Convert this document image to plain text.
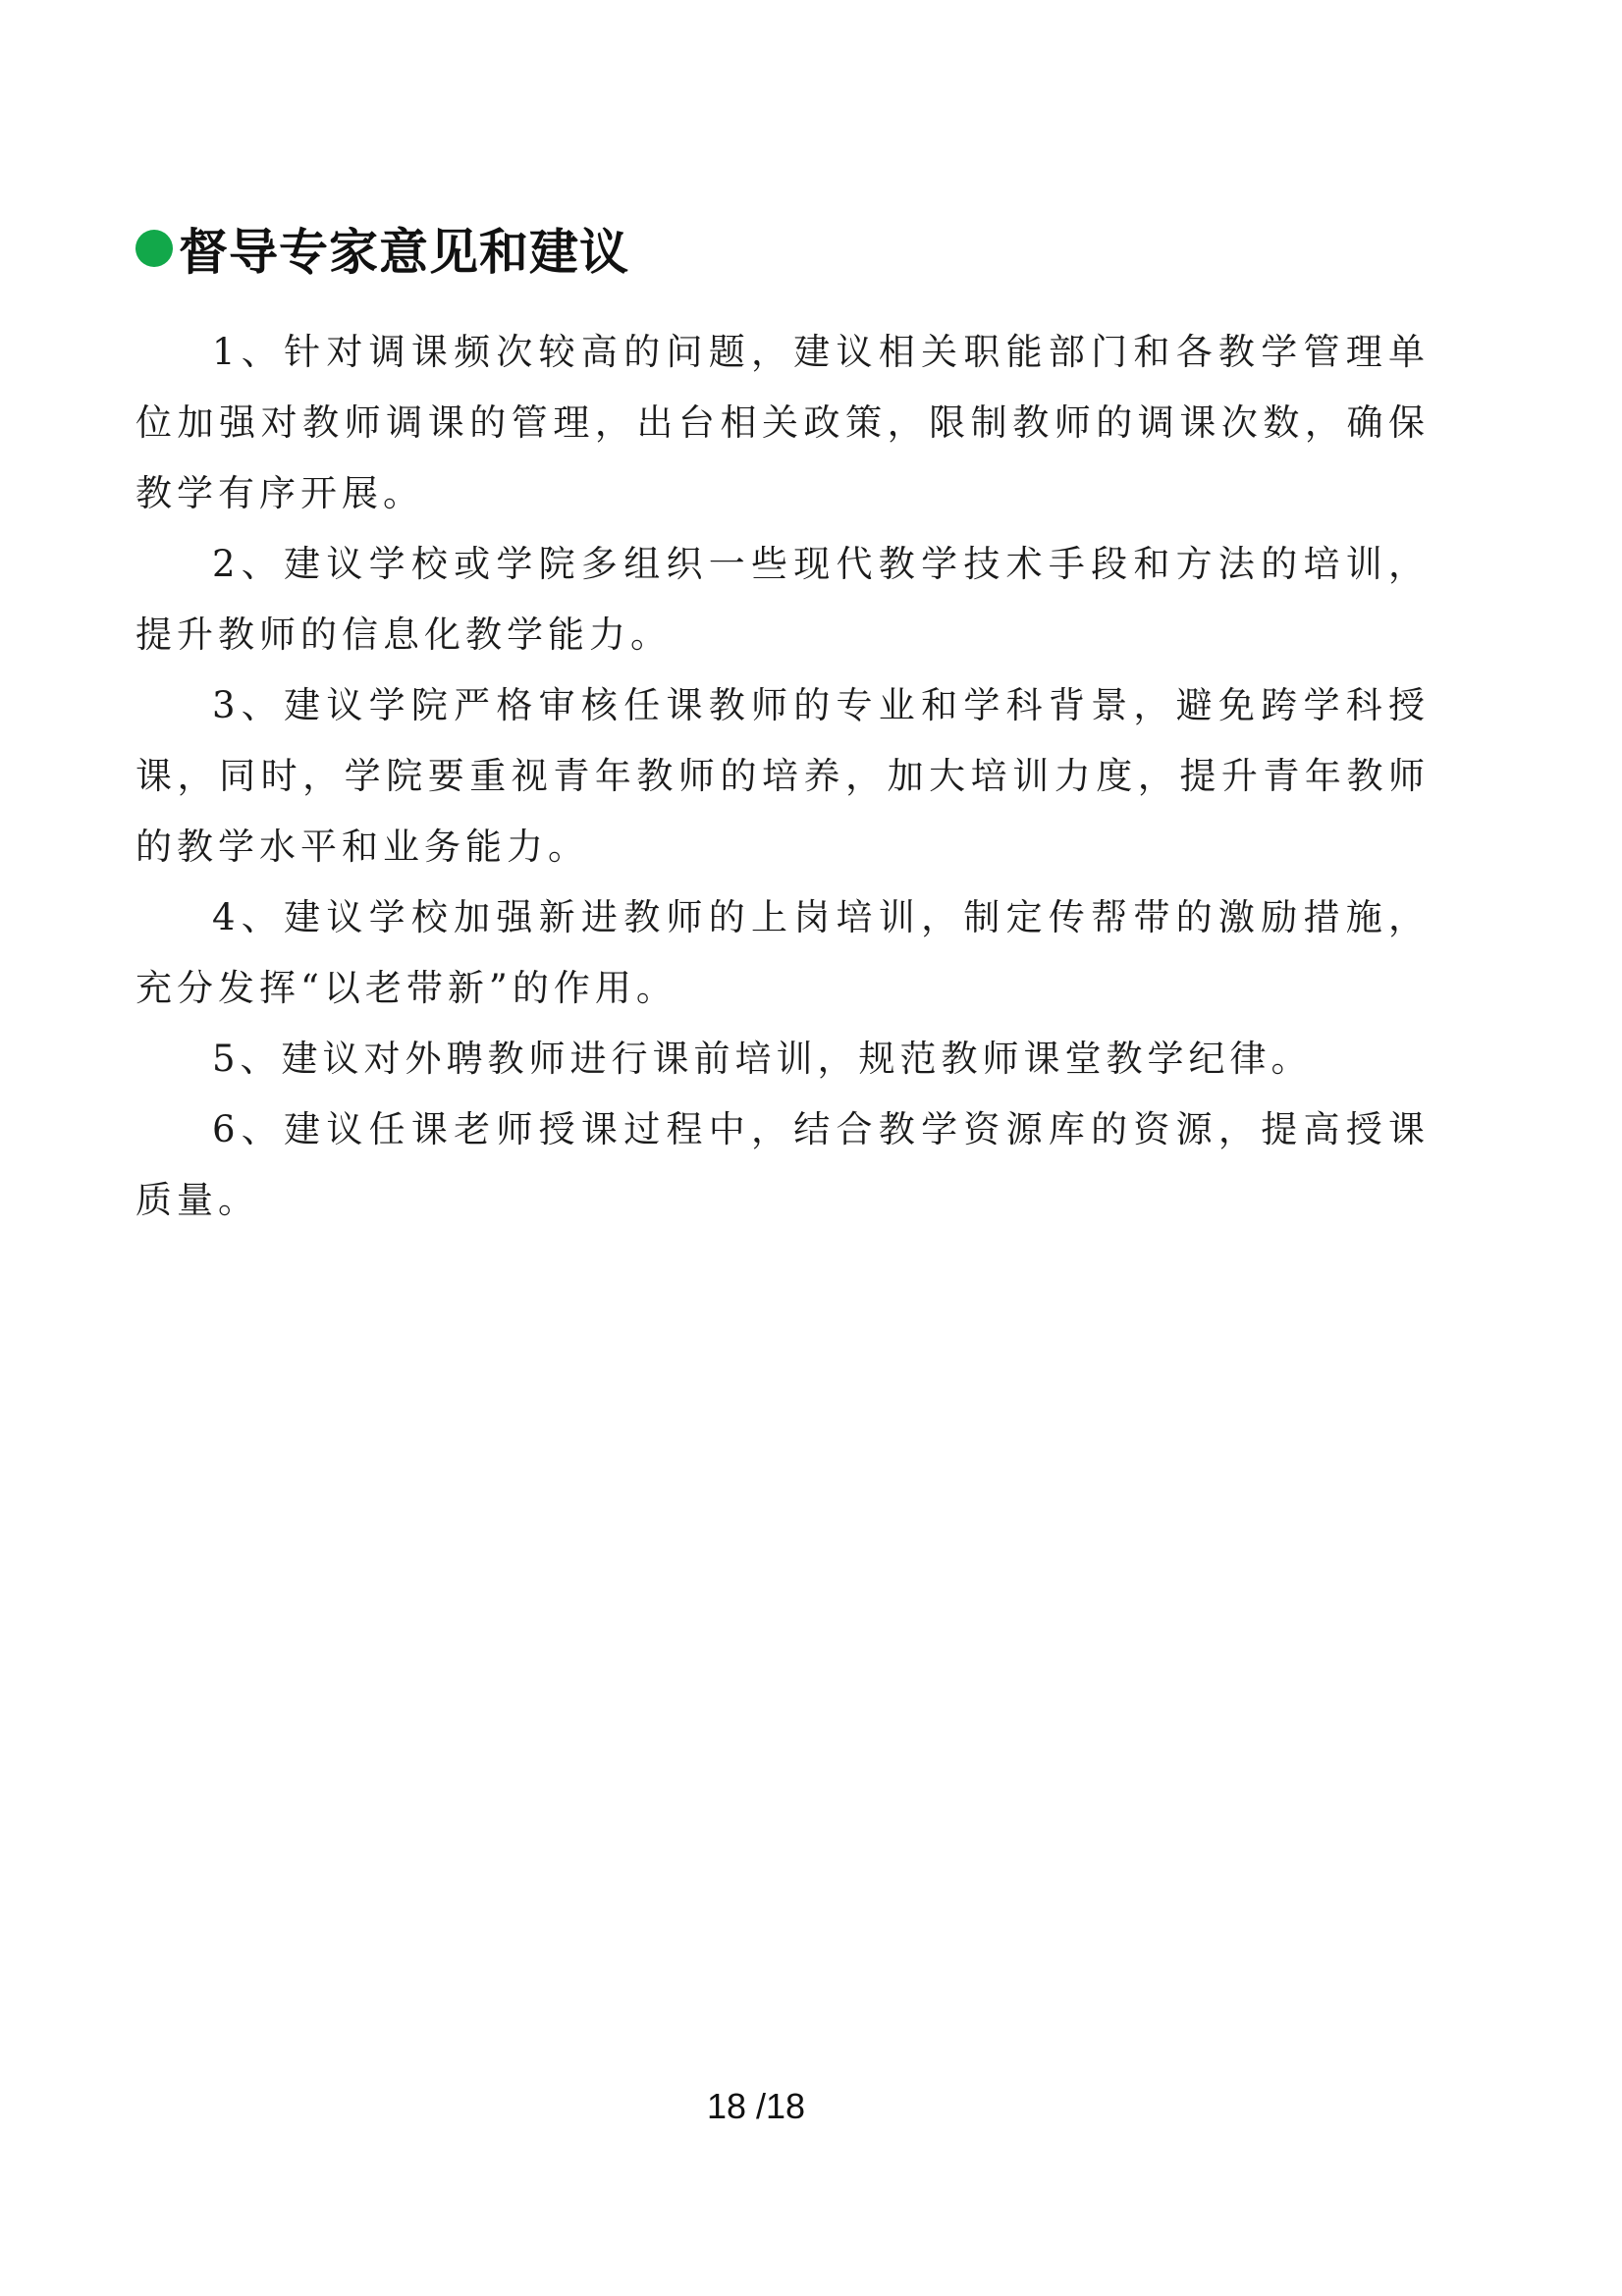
督导专家意见和建议

1、针对调课频次较高的问题，建议相关职能部门和各教学管理单位加强对教师调课的管理，出台相关政策，限制教师的调课次数，确保教学有序开展。

2、建议学校或学院多组织一些现代教学技术手段和方法的培训，提升教师的信息化教学能力。

3、建议学院严格审核任课教师的专业和学科背景，避免跨学科授课，同时，学院要重视青年教师的培养，加大培训力度，提升青年教师的教学水平和业务能力。

4、建议学校加强新进教师的上岗培训，制定传帮带的激励措施，充分发挥“以老带新”的作用。

5、建议对外聘教师进行课前培训，规范教师课堂教学纪律。

6、建议任课老师授课过程中，结合教学资源库的资源，提高授课质量。

18 /18
